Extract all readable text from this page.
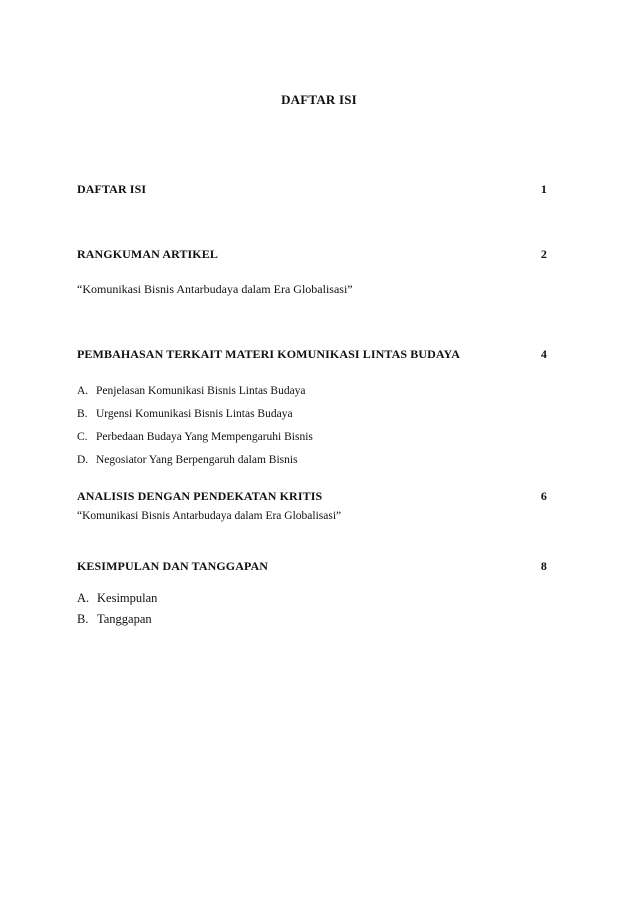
DAFTAR ISI
DAFTAR ISI	1
RANGKUMAN ARTIKEL	2
“Komunikasi Bisnis Antarbudaya dalam Era Globalisasi”
PEMBAHASAN TERKAIT MATERI KOMUNIKASI LINTAS BUDAYA	4
A. Penjelasan Komunikasi Bisnis Lintas Budaya
B. Urgensi Komunikasi Bisnis Lintas Budaya
C. Perbedaan Budaya Yang Mempengaruhi Bisnis
D. Negosiator Yang Berpengaruh dalam Bisnis
ANALISIS DENGAN PENDEKATAN KRITIS	6
“Komunikasi Bisnis Antarbudaya dalam Era Globalisasi”
KESIMPULAN DAN TANGGAPAN	8
A. Kesimpulan
B. Tanggapan
